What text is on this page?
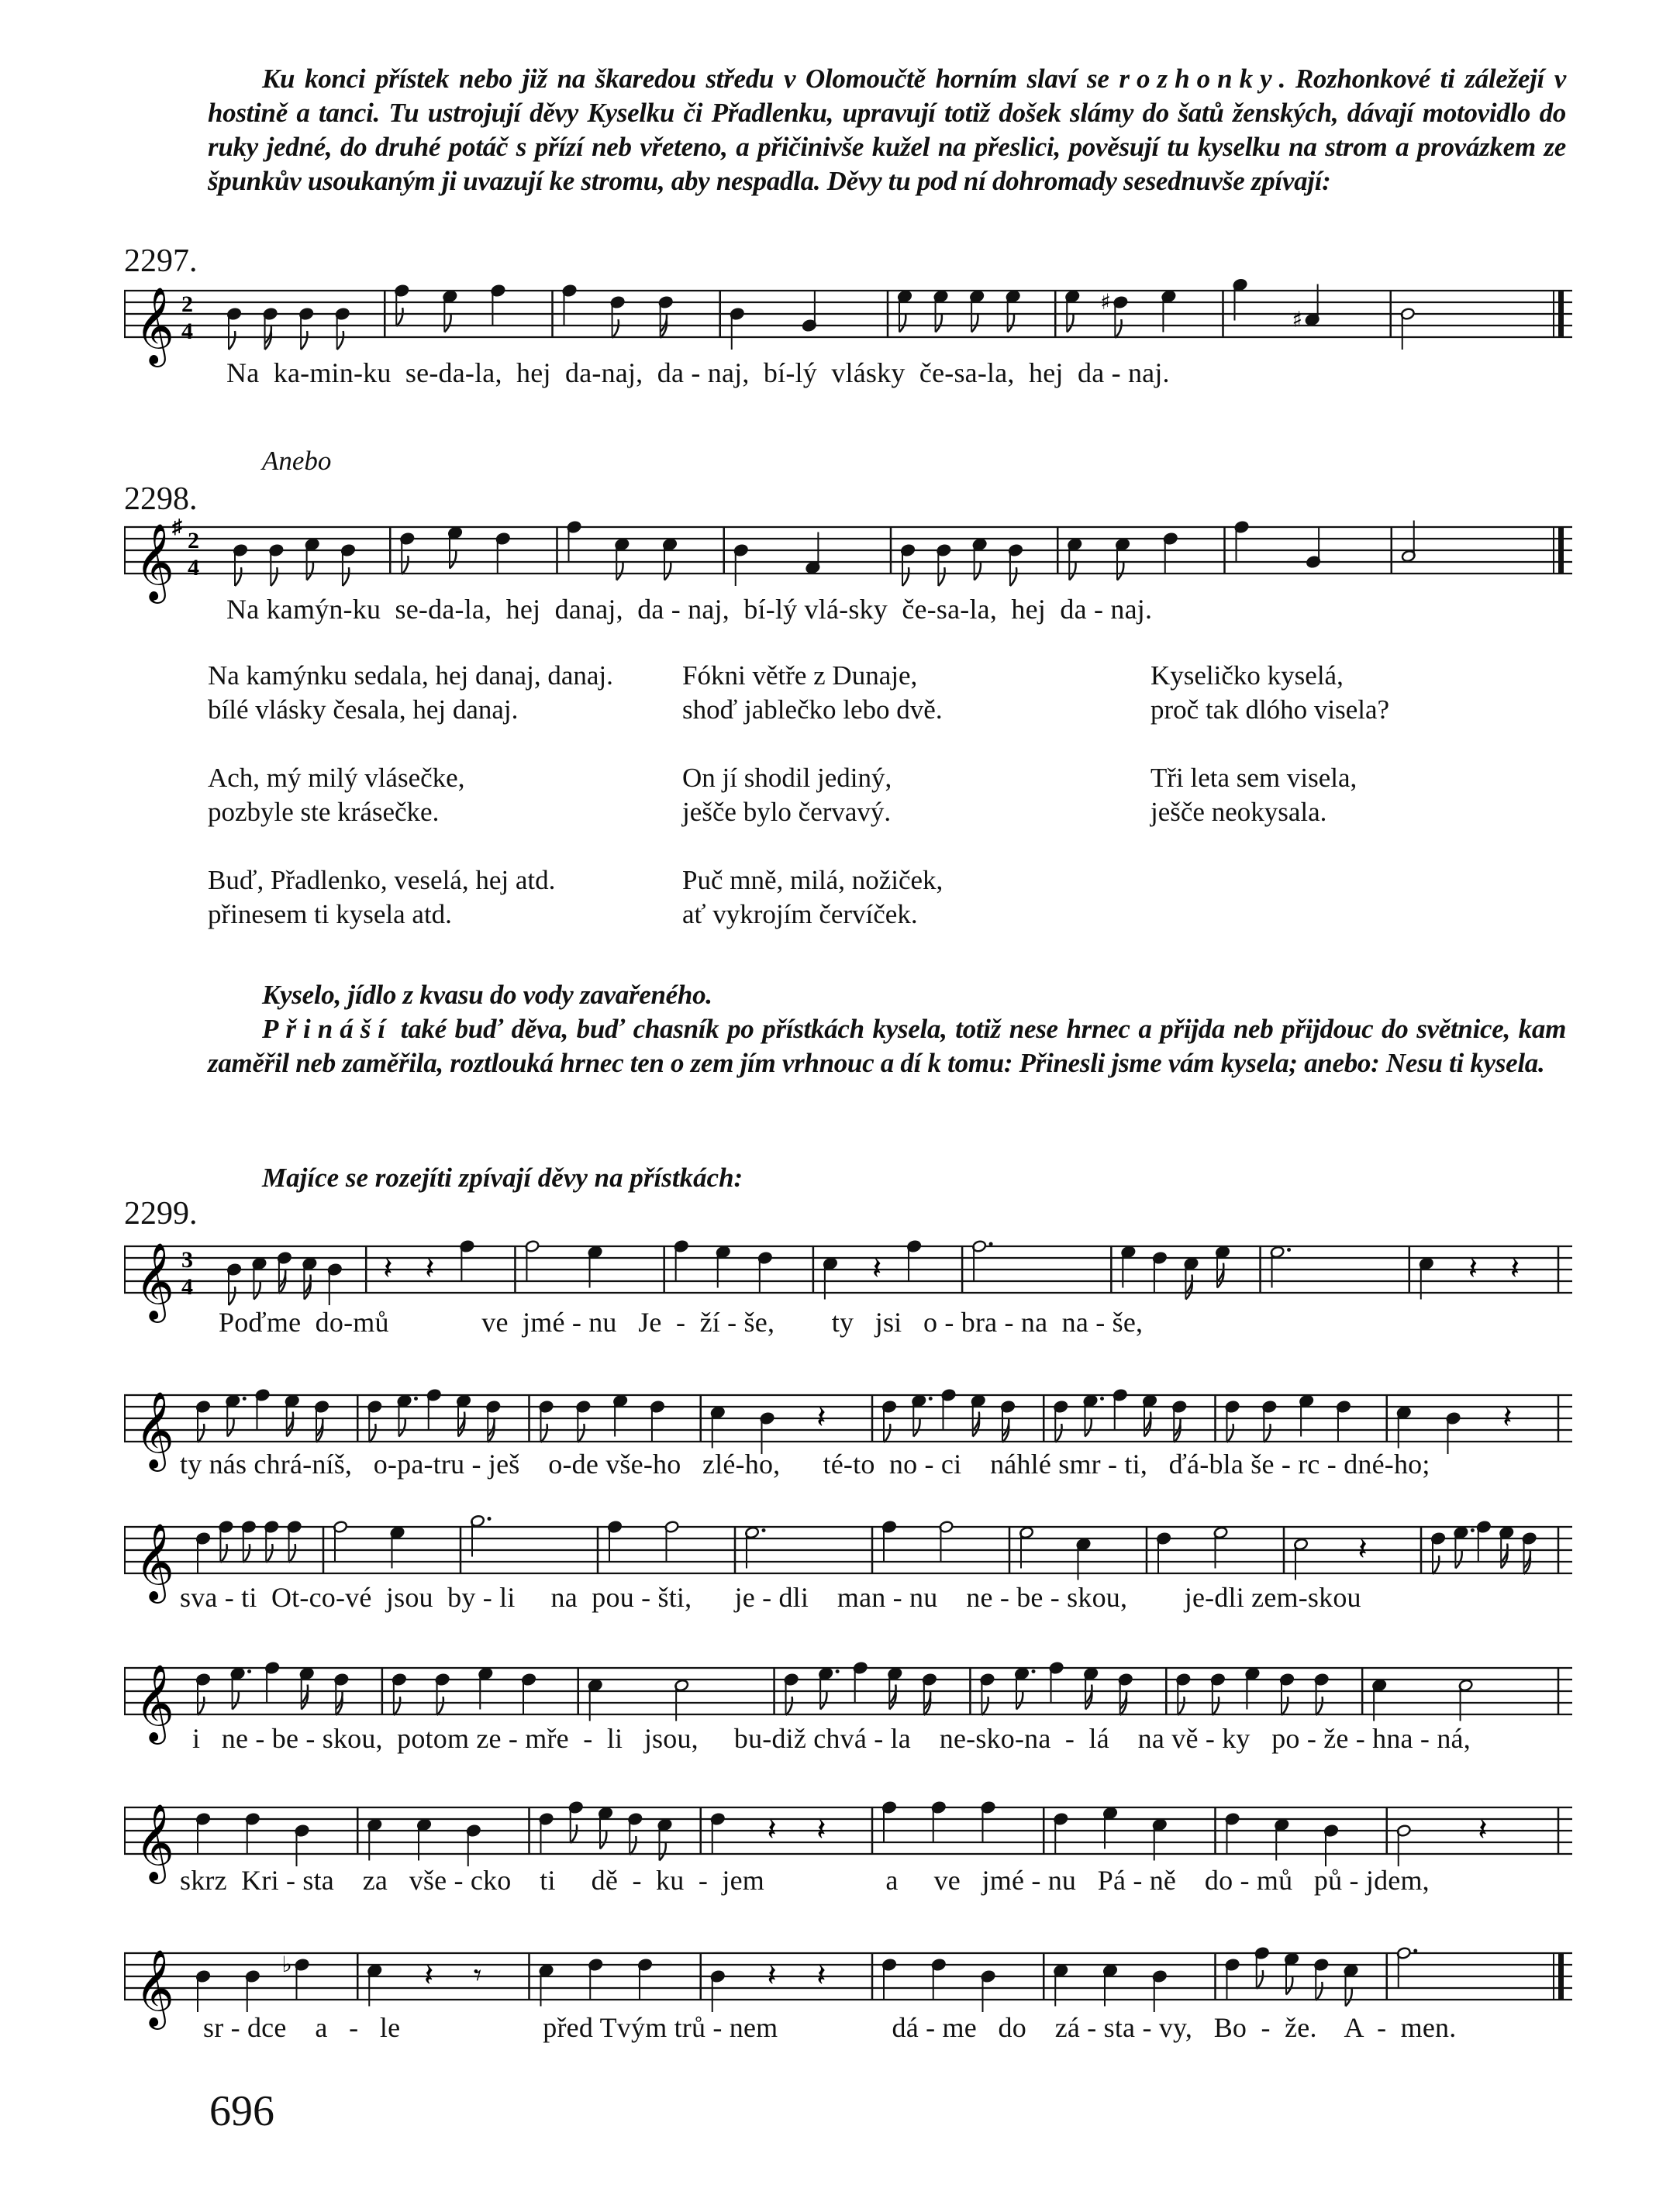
Ku konci přístek nebo již na škaredou středu v Olomoučtě horním slaví se rozhonky. Rozhonkové ti záležejí v hostině a tanci. Tu ustrojují děvy Kyselku či Přadlenku, upravují totiž došek slámy do šatů ženských, dávají motovidlo do ruky jedné, do druhé potáč s přízí neb vřeteno, a přičinivše kužel na přeslici, pověsují tu kyselku na strom a provázkem ze špunkův usoukaným ji uvazují ke stromu, aby nespadla. Děvy tu pod ní dohromady sesednuvše zpívají:

2297.
𝄞 2
4
♯
♯
Na  ka-min-ku  se-da-la,  hej  da-naj,  da - naj,  bí-lý  vlásky  če-sa-la,  hej  da - naj.
Anebo
2298.
𝄞
♯
2
4
Na kamýn-ku  se-da-la,  hej  danaj,  da - naj,  bí-lý vlá-sky  če-sa-la,  hej  da - naj.
Na kamýnku sedala, hej danaj, danaj.
bílé vlásky česala, hej danaj.
Ach, mý milý vlásečke,
pozbyle ste krásečke.
Buď, Přadlenko, veselá, hej atd.
přinesem ti kysela atd.
Fókni větře z Dunaje,
shoď jablečko lebo dvě.
On jí shodil jediný,
ješče bylo červavý.
Puč mně, milá, nožiček,
ať vykrojím červíček.
Kyseličko kyselá,
proč tak dlóho visela?
Tři leta sem visela,
ješče neokysala.

Kyselo, jídlo z kvasu do vody zavařeného.

Přináší také buď děva, buď chasník po přístkách kysela, totiž nese hrnec a přijda neb přijdouc do světnice, kam zaměřil neb zaměřila, roztlouká hrnec ten o zem jím vrhnouc a dí k tomu: Přinesli jsme vám kysela; anebo: Nesu ti kysela.

Majíce se rozejíti zpívají děvy na přístkách:
2299.
𝄞 3
4
𝄽 𝄽	𝄽	𝄽 𝄽
Poďme  do-mů             ve  jmé - nu   Je  -  ží - še,        ty   jsi   o - bra - na  na - še,
𝄞	𝄽	𝄽
ty nás chrá-níš,   o-pa-tru - ješ    o-de vše-ho   zlé-ho,      té-to  no - ci    náhlé smr - ti,   ďá-bla še - rc - dné-ho;
𝄞	𝄽
sva - ti  Ot-co-vé  jsou  by - li     na  pou - šti,      je - dli    man - nu    ne - be - skou,        je-dli zem-skou
𝄞 i   ne - be - skou,  potom ze - mře  -  li   jsou,     bu-diž chvá - la    ne-sko-na  -  lá    na vě - ky   po - že - hna - ná,
𝄞	𝄽 𝄽	𝄽
skrz  Kri - sta    za   vše - cko    ti     dě  -  ku  -  jem                 a     ve   jmé - nu   Pá - ně    do - mů   pů - jdem,
𝄞	♭	𝄽 𝄾	𝄽 𝄽
sr - dce    a   -   le                    před Tvým trů - nem                dá - me   do    zá - sta - vy,   Bo  -  že.    A  -  men.
696
